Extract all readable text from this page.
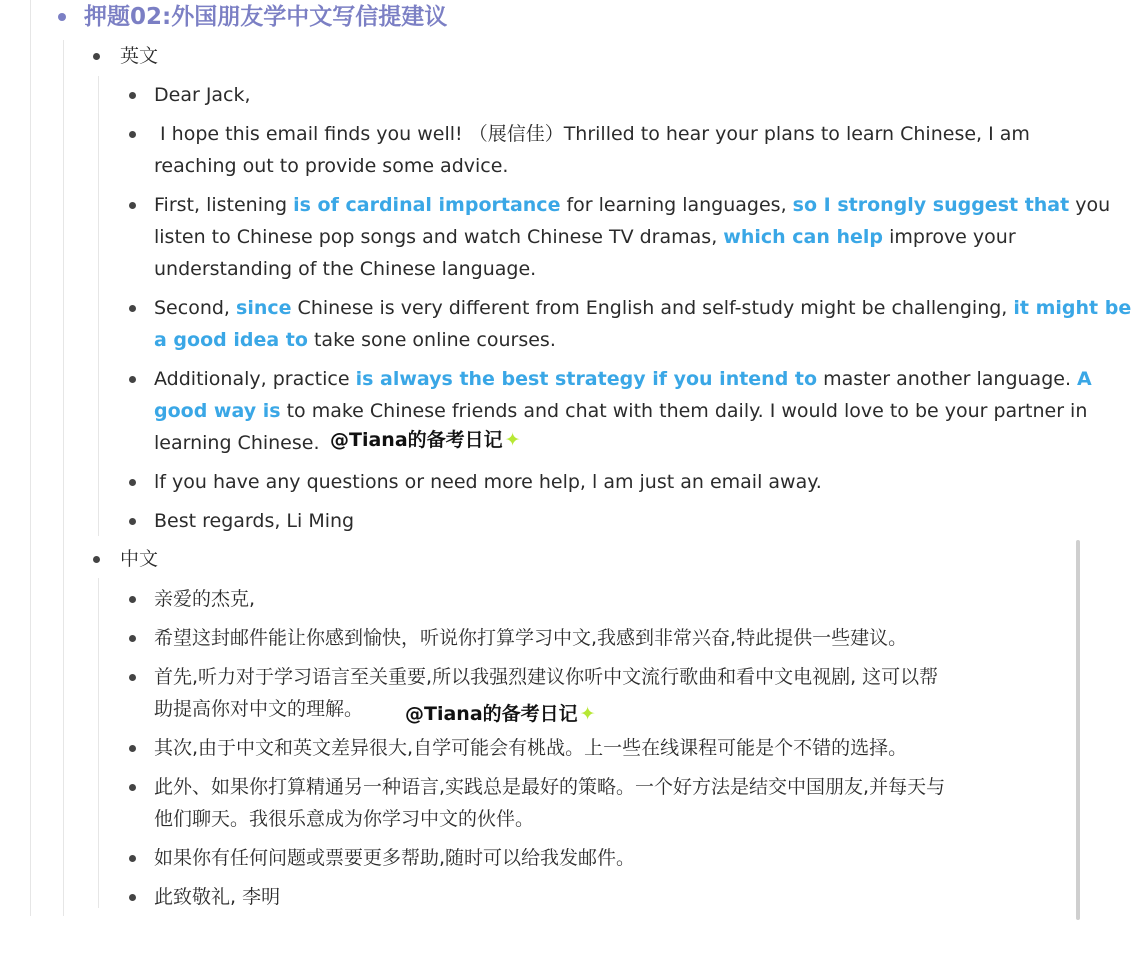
押题02:外国朋友学中文写信提建议

英文

Dear Jack,

I hope this email finds you well! （展信佳）Thrilled to hear your plans to learn Chinese, I am

reaching out to provide some advice.

First, listening is of cardinal importance for learning languages, so I strongly suggest that you

listen to Chinese pop songs and watch Chinese TV dramas, which can help improve your

understanding of the Chinese language.

Second, since Chinese is very different from English and self-study might be challenging, it might be

a good idea to take sone online courses.

Additionaly, practice is always the best strategy if you intend to master another language. A

good way is to make Chinese friends and chat with them daily. I would love to be your partner in

learning Chinese. @Tiana的备考日记 ✦

lf you have any questions or need more help, l am just an email away.

Best regards, Li Ming

中文

亲爱的杰克,

希望这封邮件能让你感到愉快，听说你打算学习中文,我感到非常兴奋,特此提供一些建议。

首先,听力对于学习语言至关重要,所以我强烈建议你听中文流行歌曲和看中文电视剧, 这可以帮

助提高你对中文的理解。 @Tiana的备考日记 ✦

其次,由于中文和英文差异很大,自学可能会有桃战。上一些在线课程可能是个不错的选择。

此外、如果你打算精通另一种语言,实践总是最好的策略。一个好方法是结交中国朋友,并每天与

他们聊天。我很乐意成为你学习中文的伙伴。

如果你有任何问题或票要更多帮助,随时可以给我发邮件。

此致敬礼, 李明
